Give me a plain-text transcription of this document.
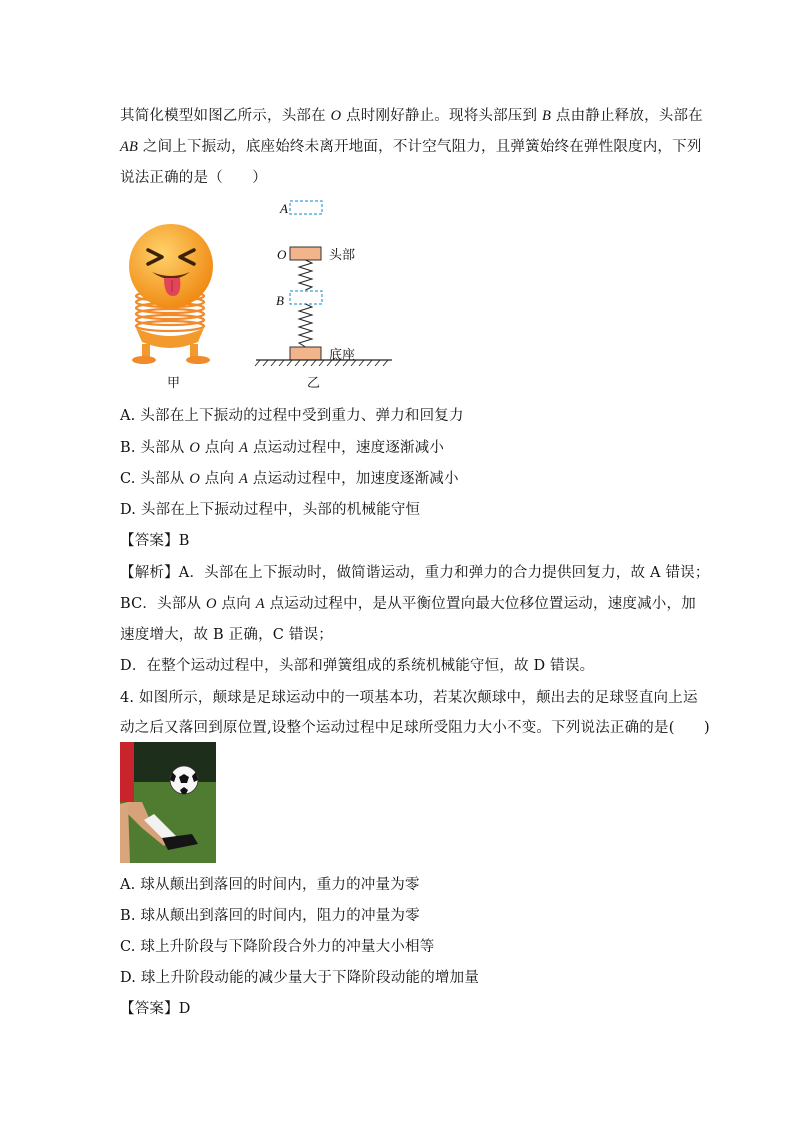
其简化模型如图乙所示，头部在 O 点时刚好静止。现将头部压到 B 点由静止释放，头部在
AB 之间上下振动，底座始终未离开地面，不计空气阻力，且弹簧始终在弹性限度内，下列
说法正确的是（　　）
A
O
B
头部
底座
甲	乙
A. 头部在上下振动的过程中受到重力、弹力和回复力
B. 头部从 O 点向 A 点运动过程中，速度逐渐减小
C. 头部从 O 点向 A 点运动过程中，加速度逐渐减小
D. 头部在上下振动过程中，头部的机械能守恒
【答案】B
【解析】A．头部在上下振动时，做简谐运动，重力和弹力的合力提供回复力，故 A 错误；
BC．头部从 O 点向 A 点运动过程中，是从平衡位置向最大位移位置运动，速度减小，加
速度增大，故 B 正确，C 错误；
D．在整个运动过程中，头部和弹簧组成的系统机械能守恒，故 D 错误。
4. 如图所示，颠球是足球运动中的一项基本功，若某次颠球中，颠出去的足球竖直向上运
动之后又落回到原位置,设整个运动过程中足球所受阻力大小不变。下列说法正确的是(　　)
A. 球从颠出到落回的时间内，重力的冲量为零
B. 球从颠出到落回的时间内，阻力的冲量为零
C. 球上升阶段与下降阶段合外力的冲量大小相等
D. 球上升阶段动能的减少量大于下降阶段动能的增加量
【答案】D
